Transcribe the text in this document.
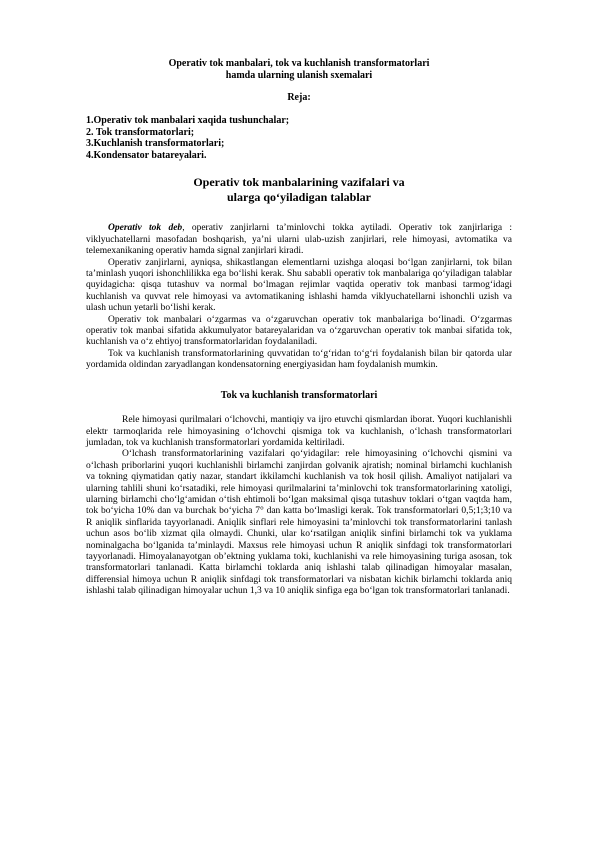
Operativ tok manbalari, tok va kuchlanish transformatorlari
hamda ularning ulanish sxemalari
Reja:
1.Operativ tok manbalari xaqida tushunchalar;
2. Tok transformatorlari;
3.Kuchlanish transformatorlari;
4.Kondensator batareyalari.
Operativ tok manbalarining vazifalari va
ularga qo‘yiladigan talablar

Operativ tok deb, operativ zanjirlarni ta’minlovchi tokka aytiladi. Operativ tok zanjirlariga : viklyuchatellarni masofadan boshqarish, ya’ni ularni ulab-uzish zanjirlari, rele himoyasi, avtomatika va telemexanikaning operativ hamda signal zanjirlari kiradi.

Operativ zanjirlarni, ayniqsa, shikastlangan elementlarni uzishga aloqasi bo‘lgan zanjirlarni, tok bilan ta’minlash yuqori ishonchlilikka ega bo‘lishi kerak. Shu sababli operativ tok manbalariga qo‘yiladigan talablar quyidagicha: qisqa tutashuv va normal bo‘lmagan rejimlar vaqtida operativ tok manbasi tarmog‘idagi kuchlanish va quvvat rele himoyasi va avtomatikaning ishlashi hamda viklyuchatellarni ishonchli uzish va ulash uchun yetarli bo‘lishi kerak.

Operativ tok manbalari o‘zgarmas va o‘zgaruvchan operativ tok manbalariga bo‘linadi. O‘zgarmas operativ tok manbai sifatida akkumulyator batareyalaridan va o‘zgaruvchan operativ tok manbai sifatida tok, kuchlanish va o‘z ehtiyoj transformatorlaridan foydalaniladi.

Tok va kuchlanish transformatorlarining quvvatidan to‘g‘ridan to‘g‘ri foydalanish bilan bir qatorda ular yordamida oldindan zaryadlangan kondensatorning energiyasidan ham foydalanish mumkin.

Tok va kuchlanish transformatorlari

Rele himoyasi qurilmalari o‘lchovchi, mantiqiy va ijro etuvchi qismlardan iborat. Yuqori kuchlanishli elektr tarmoqlarida rele himoyasining o‘lchovchi qismiga tok va kuchlanish, o‘lchash transformatorlari jumladan, tok va kuchlanish transformatorlari yordamida keltiriladi.

O‘lchash transformatorlarining vazifalari qo‘yidagilar: rele himoyasining o‘lchovchi qismini va o‘lchash priborlarini yuqori kuchlanishli birlamchi zanjirdan golvanik ajratish; nominal birlamchi kuchlanish va tokning qiymatidan qatiy nazar, standart ikkilamchi kuchlanish va tok hosil qilish. Amaliyot natijalari va ularning tahlili shuni ko‘rsatadiki, rele himoyasi qurilmalarini ta’minlovchi tok transformatorlarining xatoligi, ularning birlamchi cho‘lg‘amidan o‘tish ehtimoli bo‘lgan maksimal qisqa tutashuv toklari o‘tgan vaqtda ham, tok bo‘yicha 10% dan va burchak bo‘yicha 7° dan katta bo‘lmasligi kerak. Tok transformatorlari 0,5;1;3;10 va R aniqlik sinflarida tayyorlanadi. Aniqlik sinflari rele himoyasini ta’minlovchi tok transformatorlarini tanlash uchun asos bo‘lib xizmat qila olmaydi. Chunki, ular ko‘rsatilgan aniqlik sinfini birlamchi tok va yuklama nominalgacha bo‘lganida ta’minlaydi. Maxsus rele himoyasi uchun R aniqlik sinfdagi tok transformatorlari tayyorlanadi. Himoyalanayotgan ob’ektning yuklama toki, kuchlanishi va rele himoyasining turiga asosan, tok transformatorlari tanlanadi. Katta birlamchi toklarda aniq ishlashi talab qilinadigan himoyalar masalan, differensial himoya uchun R aniqlik sinfdagi tok transformatorlari va nisbatan kichik birlamchi toklarda aniq ishlashi talab qilinadigan himoyalar uchun 1,3 va 10 aniqlik sinfiga ega bo‘lgan tok transformatorlari tanlanadi.
